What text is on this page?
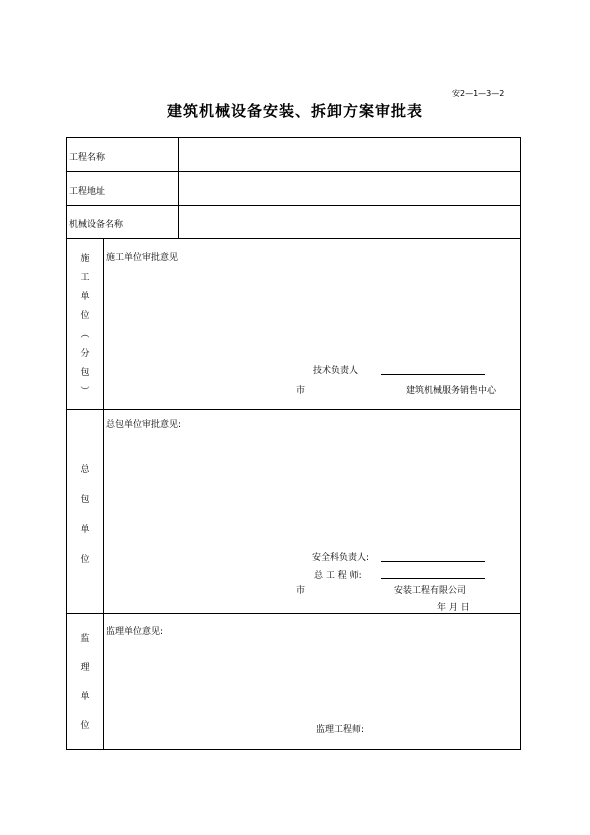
安2—1—3—2
建筑机械设备安装、拆卸方案审批表
工程名称
工程地址
机械设备名称
施
工
单
位
︵
分
包
︶
施工单位审批意见
技术负责人
市	建筑机械服务销售中心
总
包
单
位
总包单位审批意见:
安全科负责人:
总 工 程 师:
市	安装工程有限公司
年 月 日
监
理
单
位
监理单位意见:
监理工程师:
